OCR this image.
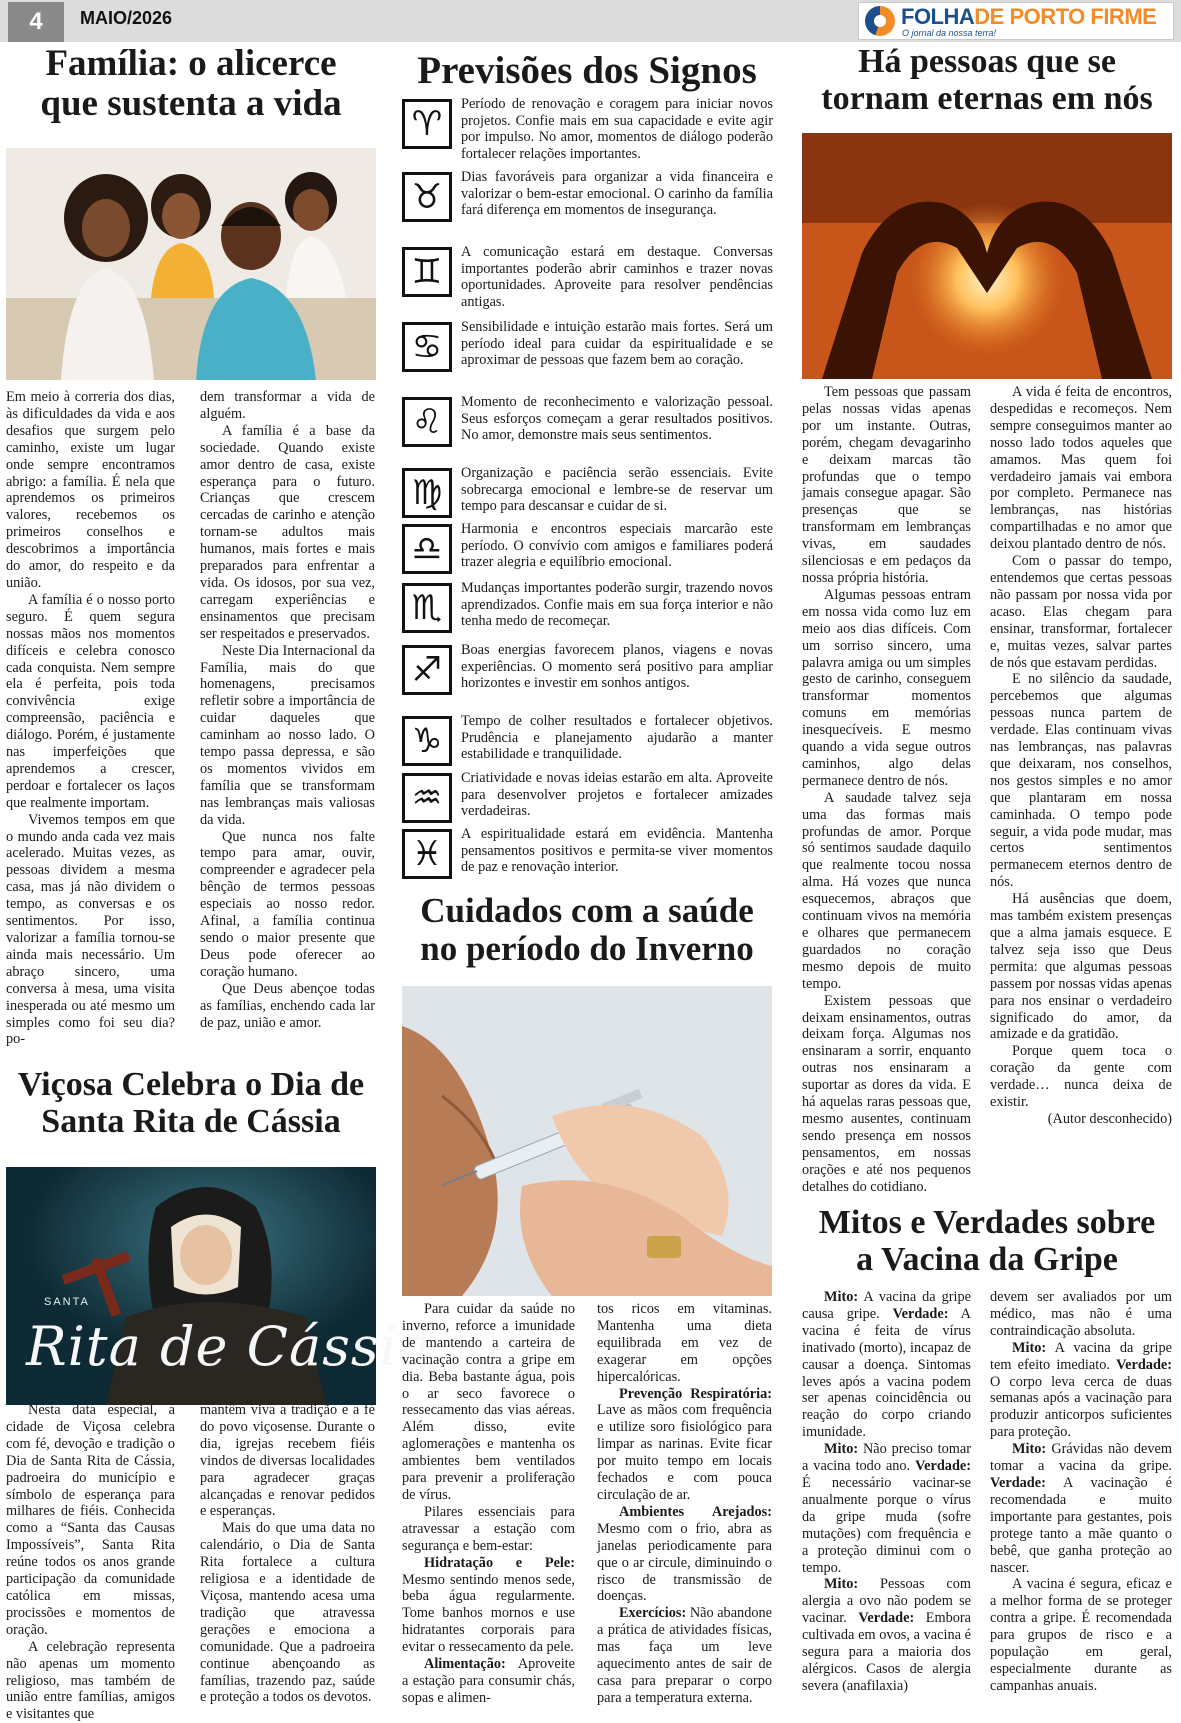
4	MAIO/2026	FOLHADE PORTO FIRME
O jornal da nossa terra!
Família: o alicerce
que sustenta a vida

Em meio à correria dos dias, às dificuldades da vida e aos desafios que surgem pelo caminho, existe um lugar onde sempre encontramos abrigo: a família. É nela que aprendemos os primeiros valores, recebemos os primeiros conselhos e descobrimos a importância do amor, do respeito e da união.

A família é o nosso porto seguro. É quem segura nossas mãos nos momentos difíceis e celebra conosco cada conquista. Nem sempre ela é perfeita, pois toda convivência exige compreensão, paciência e diálogo. Porém, é justamente nas imperfeições que aprendemos a crescer, perdoar e fortalecer os laços que realmente importam.

Vivemos tempos em que o mundo anda cada vez mais acelerado. Muitas vezes, as pessoas dividem a mesma casa, mas já não dividem o tempo, as conversas e os sentimentos. Por isso, valorizar a família tornou-se ainda mais necessário. Um abraço sincero, uma conversa à mesa, uma visita inesperada ou até mesmo um simples como foi seu dia? po-

dem transformar a vida de alguém.

A família é a base da sociedade. Quando existe amor dentro de casa, existe esperança para o futuro. Crianças que crescem cercadas de carinho e atenção tornam-se adultos mais humanos, mais fortes e mais preparados para enfrentar a vida. Os idosos, por sua vez, carregam experiências e ensinamentos que precisam ser respeitados e preservados.

Neste Dia Internacional da Família, mais do que homenagens, precisamos refletir sobre a importância de cuidar daqueles que caminham ao nosso lado. O tempo passa depressa, e são os momentos vividos em família que se transformam nas lembranças mais valiosas da vida.

Que nunca nos falte tempo para amar, ouvir, compreender e agradecer pela bênção de termos pessoas especiais ao nosso redor. Afinal, a família continua sendo o maior presente que Deus pode oferecer ao coração humano.

Que Deus abençoe todas as famílias, enchendo cada lar de paz, união e amor.

Viçosa Celebra o Dia de
Santa Rita de Cássia
SANTA
Rita de Cássia

Nesta data especial, a cidade de Viçosa celebra com fé, devoção e tradição o Dia de Santa Rita de Cássia, padroeira do município e símbolo de esperança para milhares de fiéis. Conhecida como a “Santa das Causas Impossíveis”, Santa Rita reúne todos os anos grande participação da comunidade católica em missas, procissões e momentos de oração.

A celebração representa não apenas um momento religioso, mas também de união entre famílias, amigos e visitantes que

mantêm viva a tradição e a fé do povo viçosense. Durante o dia, igrejas recebem fiéis vindos de diversas localidades para agradecer graças alcançadas e renovar pedidos e esperanças.

Mais do que uma data no calendário, o Dia de Santa Rita fortalece a cultura religiosa e a identidade de Viçosa, mantendo acesa uma tradição que atravessa gerações e emociona a comunidade. Que a padroeira continue abençoando as famílias, trazendo paz, saúde e proteção a todos os devotos.

Previsões dos Signos
♈	Período de renovação e coragem para iniciar novos projetos. Confie mais em sua capacidade e evite agir por impulso. No amor, momentos de diálogo poderão fortalecer relações importantes.
♉	Dias favoráveis para organizar a vida financeira e valorizar o bem-estar emocional. O carinho da família fará diferença em momentos de insegurança.
♊	A comunicação estará em destaque. Conversas importantes poderão abrir caminhos e trazer novas oportunidades. Aproveite para resolver pendências antigas.
♋	Sensibilidade e intuição estarão mais fortes. Será um período ideal para cuidar da espiritualidade e se aproximar de pessoas que fazem bem ao coração.
♌	Momento de reconhecimento e valorização pessoal. Seus esforços começam a gerar resultados positivos. No amor, demonstre mais seus sentimentos.
♍	Organização e paciência serão essenciais. Evite sobrecarga emocional e lembre-se de reservar um tempo para descansar e cuidar de si.
♎	Harmonia e encontros especiais marcarão este período. O convívio com amigos e familiares poderá trazer alegria e equilíbrio emocional.
♏	Mudanças importantes poderão surgir, trazendo novos aprendizados. Confie mais em sua força interior e não tenha medo de recomeçar.
♐	Boas energias favorecem planos, viagens e novas experiências. O momento será positivo para ampliar horizontes e investir em sonhos antigos.
♑	Tempo de colher resultados e fortalecer objetivos. Prudência e planejamento ajudarão a manter estabilidade e tranquilidade.
♒	Criatividade e novas ideias estarão em alta. Aproveite para desenvolver projetos e fortalecer amizades verdadeiras.
♓	A espiritualidade estará em evidência. Mantenha pensamentos positivos e permita-se viver momentos de paz e renovação interior.
Cuidados com a saúde
no período do Inverno

Para cuidar da saúde no inverno, reforce a imunidade de mantendo a carteira de vacinação contra a gripe em dia. Beba bastante água, pois o ar seco favorece o ressecamento das vias aéreas. Além disso, evite aglomerações e mantenha os ambientes bem ventilados para prevenir a proliferação de vírus.

Pilares essenciais para atravessar a estação com segurança e bem-estar:

Hidratação e Pele: Mesmo sentindo menos sede, beba água regularmente. Tome banhos mornos e use hidratantes corporais para evitar o ressecamento da pele.

Alimentação: Aproveite a estação para consumir chás, sopas e alimen-

tos ricos em vitaminas. Mantenha uma dieta equilibrada em vez de exagerar em opções hipercalóricas.

Prevenção Respiratória: Lave as mãos com frequência e utilize soro fisiológico para limpar as narinas. Evite ficar por muito tempo em locais fechados e com pouca circulação de ar.

Ambientes Arejados: Mesmo com o frio, abra as janelas periodicamente para que o ar circule, diminuindo o risco de transmissão de doenças.

Exercícios: Não abandone a prática de atividades físicas, mas faça um leve aquecimento antes de sair de casa para preparar o corpo para a temperatura externa.

Há pessoas que se
tornam eternas em nós

Tem pessoas que passam pelas nossas vidas apenas por um instante. Outras, porém, chegam devagarinho e deixam marcas tão profundas que o tempo jamais consegue apagar. São presenças que se transformam em lembranças vivas, em saudades silenciosas e em pedaços da nossa própria história.

Algumas pessoas entram em nossa vida como luz em meio aos dias difíceis. Com um sorriso sincero, uma palavra amiga ou um simples gesto de carinho, conseguem transformar momentos comuns em memórias inesquecíveis. E mesmo quando a vida segue outros caminhos, algo delas permanece dentro de nós.

A saudade talvez seja uma das formas mais profundas de amor. Porque só sentimos saudade daquilo que realmente tocou nossa alma. Há vozes que nunca esquecemos, abraços que continuam vivos na memória e olhares que permanecem guardados no coração mesmo depois de muito tempo.

Existem pessoas que deixam ensinamentos, outras deixam força. Algumas nos ensinaram a sorrir, enquanto outras nos ensinaram a suportar as dores da vida. E há aquelas raras pessoas que, mesmo ausentes, continuam sendo presença em nossos pensamentos, em nossas orações e até nos pequenos detalhes do cotidiano.

A vida é feita de encontros, despedidas e recomeços. Nem sempre conseguimos manter ao nosso lado todos aqueles que amamos. Mas quem foi verdadeiro jamais vai embora por completo. Permanece nas lembranças, nas histórias compartilhadas e no amor que deixou plantado dentro de nós.

Com o passar do tempo, entendemos que certas pessoas não passam por nossa vida por acaso. Elas chegam para ensinar, transformar, fortalecer e, muitas vezes, salvar partes de nós que estavam perdidas.

E no silêncio da saudade, percebemos que algumas pessoas nunca partem de verdade. Elas continuam vivas nas lembranças, nas palavras que deixaram, nos conselhos, nos gestos simples e no amor que plantaram em nossa caminhada. O tempo pode seguir, a vida pode mudar, mas certos sentimentos permanecem eternos dentro de nós.

Há ausências que doem, mas também existem presenças que a alma jamais esquece. E talvez seja isso que Deus permita: que algumas pessoas passem por nossas vidas apenas para nos ensinar o verdadeiro significado do amor, da amizade e da gratidão.

Porque quem toca o coração da gente com verdade… nunca deixa de existir.

(Autor desconhecido)

Mitos e Verdades sobre
a Vacina da Gripe

Mito: A vacina da gripe causa gripe. Verdade: A vacina é feita de vírus inativado (morto), incapaz de causar a doença. Sintomas leves após a vacina podem ser apenas coincidência ou reação do corpo criando imunidade.

Mito: Não preciso tomar a vacina todo ano. Verdade: É necessário vacinar-se anualmente porque o vírus da gripe muda (sofre mutações) com frequência e a proteção diminui com o tempo.

Mito: Pessoas com alergia a ovo não podem se vacinar. Verdade: Embora cultivada em ovos, a vacina é segura para a maioria dos alérgicos. Casos de alergia severa (anafilaxia)

devem ser avaliados por um médico, mas não é uma contraindicação absoluta.

Mito: A vacina da gripe tem efeito imediato. Verdade: O corpo leva cerca de duas semanas após a vacinação para produzir anticorpos suficientes para proteção.

Mito: Grávidas não devem tomar a vacina da gripe. Verdade: A vacinação é recomendada e muito importante para gestantes, pois protege tanto a mãe quanto o bebê, que ganha proteção ao nascer.

A vacina é segura, eficaz e a melhor forma de se proteger contra a gripe. É recomendada para grupos de risco e a população em geral, especialmente durante as campanhas anuais.
